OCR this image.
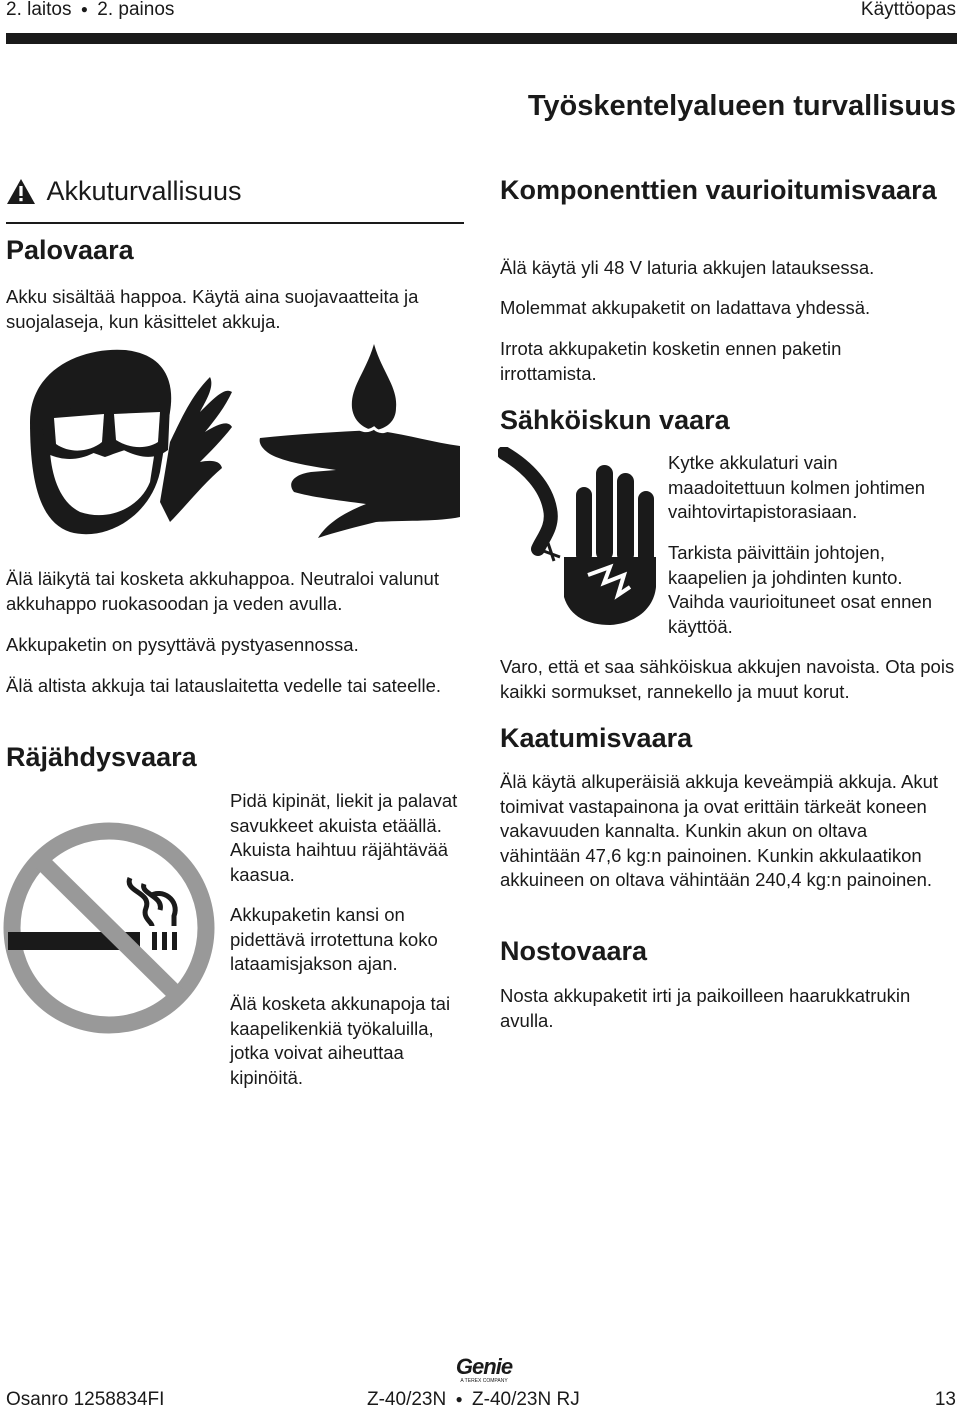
2. laitos ● 2. painos	Käyttöopas
Työskentelyalueen turvallisuus
Akkuturvallisuus
Palovaara

Akku sisältää happoa. Käytä aina suojavaatteita ja suojalaseja, kun käsittelet akkuja.

Älä läikytä tai kosketa akkuhappoa. Neutraloi valunut akkuhappo ruokasoodan ja veden avulla.

Akkupaketin on pysyttävä pystyasennossa.

Älä altista akkuja tai latauslaitetta vedelle tai sateelle.

Räjähdysvaara

Pidä kipinät, liekit ja palavat savukkeet akuista etäällä. Akuista haihtuu räjähtävää kaasua.

Akkupaketin kansi on pidettävä irrotettuna koko lataamisjakson ajan.

Älä kosketa akkunapoja tai kaapelikenkiä työkaluilla, jotka voivat aiheuttaa kipinöitä.

Komponenttien vaurioitumisvaara

Älä käytä yli 48 V laturia akkujen latauksessa.

Molemmat akkupaketit on ladattava yhdessä.

Irrota akkupaketin kosketin ennen paketin irrottamista.

Sähköiskun vaara

Kytke akkulaturi vain maadoitettuun kolmen johtimen vaihtovirtapistorasiaan.

Tarkista päivittäin johtojen, kaapelien ja johdinten kunto. Vaihda vaurioituneet osat ennen käyttöä.

Varo, että et saa sähköiskua akkujen navoista. Ota pois kaikki sormukset, rannekello ja muut korut.

Kaatumisvaara

Älä käytä alkuperäisiä akkuja keveämpiä akkuja. Akut toimivat vastapainona ja ovat erittäin tärkeät koneen vakavuuden kannalta. Kunkin akun on oltava vähintään 47,6 kg:n painoinen. Kunkin akkulaatikon akkuineen on oltava vähintään 240,4 kg:n painoinen.

Nostovaara

Nosta akkupaketit irti ja paikoilleen haarukkatrukin avulla.

Genie
A TEREX COMPANY
Osanro 1258834FI	Z-40/23N ● Z-40/23N RJ	13
